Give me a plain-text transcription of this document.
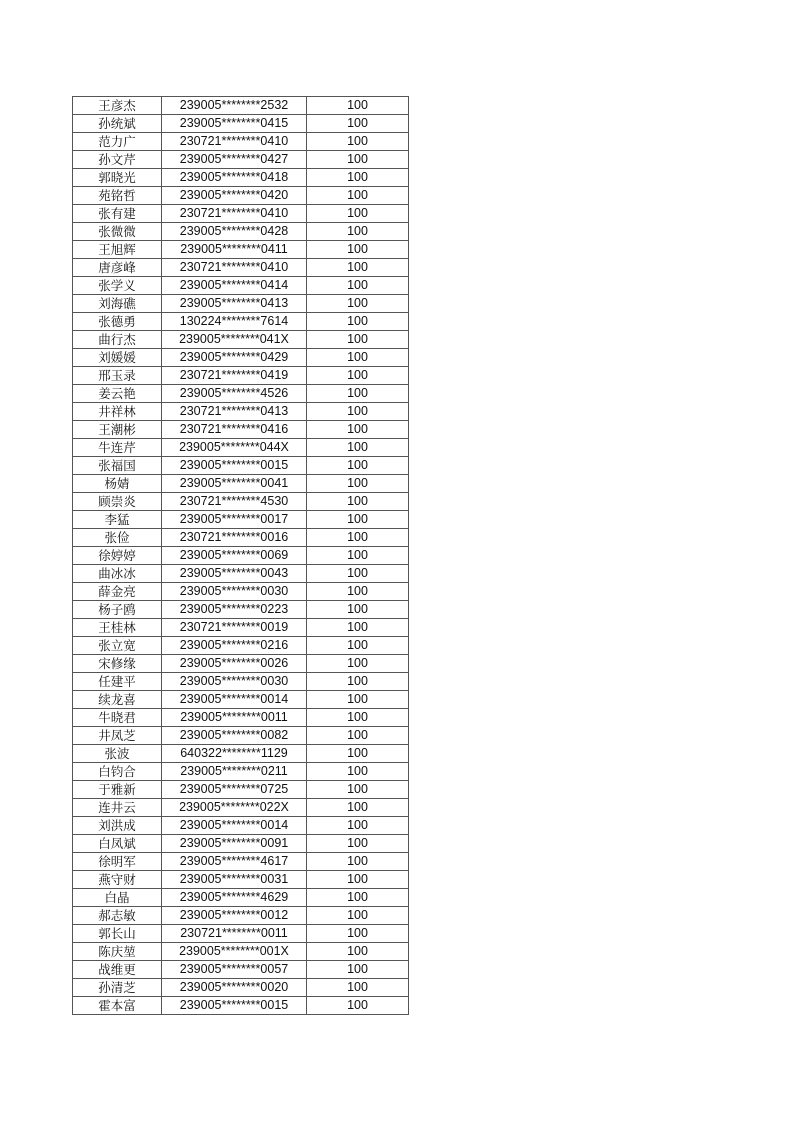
王彦杰	239005********2532	100
孙统斌	239005********0415	100
范力广	230721********0410	100
孙文芹	239005********0427	100
郭晓光	239005********0418	100
苑铭哲	239005********0420	100
张有建	230721********0410	100
张微微	239005********0428	100
王旭辉	239005********0411	100
唐彦峰	230721********0410	100
张学义	239005********0414	100
刘海礁	239005********0413	100
张德勇	130224********7614	100
曲行杰	239005********041X	100
刘媛媛	239005********0429	100
邢玉录	230721********0419	100
姜云艳	239005********4526	100
井祥林	230721********0413	100
王潮彬	230721********0416	100
牛连芹	239005********044X	100
张福国	239005********0015	100
杨婧	239005********0041	100
顾崇炎	230721********4530	100
李猛	239005********0017	100
张俭	230721********0016	100
徐婷婷	239005********0069	100
曲冰冰	239005********0043	100
薛金亮	239005********0030	100
杨子鸥	239005********0223	100
王桂林	230721********0019	100
张立宽	239005********0216	100
宋修缘	239005********0026	100
任建平	239005********0030	100
续龙喜	239005********0014	100
牛晓君	239005********0011	100
井凤芝	239005********0082	100
张波	640322********1129	100
白钧合	239005********0211	100
于雅新	239005********0725	100
连井云	239005********022X	100
刘洪成	239005********0014	100
白凤斌	239005********0091	100
徐明军	239005********4617	100
燕守财	239005********0031	100
白晶	239005********4629	100
郝志敏	239005********0012	100
郭长山	230721********0011	100
陈庆堃	239005********001X	100
战维更	239005********0057	100
孙清芝	239005********0020	100
霍本富	239005********0015	100
